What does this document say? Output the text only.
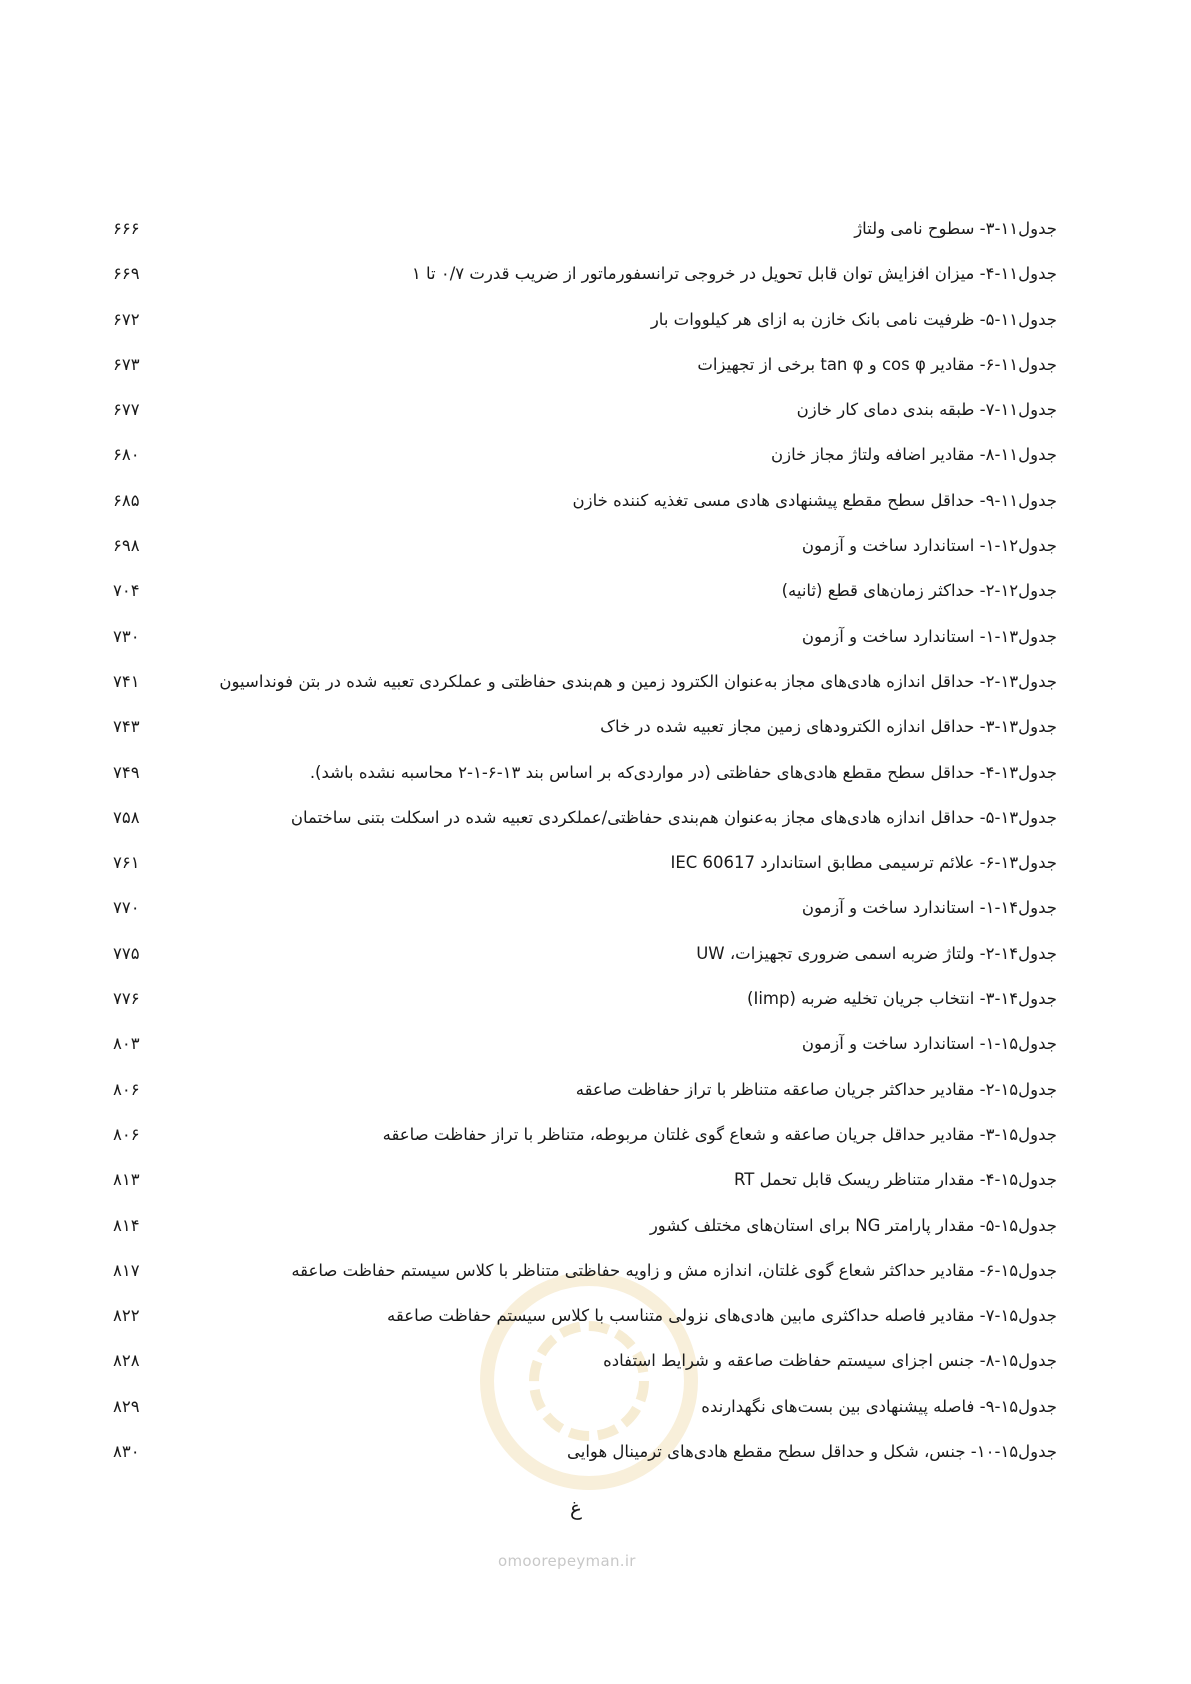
جدول۱۱-۳- سطوح نامی ولتاژ
۶۶۶
جدول۱۱-۴- میزان افزایش توان قابل تحویل در خروجی ترانسفورماتور از ضریب قدرت ۰/۷ تا ۱
۶۶۹
جدول۱۱-۵- ظرفیت نامی بانک خازن به ازای هر کیلووات بار
۶۷۲
جدول۱۱-۶- مقادیر cos φ و tan φ برخی از تجهیزات
۶۷۳
جدول۱۱-۷- طبقه بندی دمای کار خازن
۶۷۷
جدول۱۱-۸- مقادیر اضافه ولتاژ مجاز خازن
۶۸۰
جدول۱۱-۹- حداقل سطح مقطع پیشنهادی هادی مسی تغذیه کننده خازن
۶۸۵
جدول۱۲-۱- استاندارد ساخت و آزمون
۶۹۸
جدول۱۲-۲- حداکثر زمان‌های قطع (ثانیه)
۷۰۴
جدول۱۳-۱- استاندارد ساخت و آزمون
۷۳۰
جدول۱۳-۲- حداقل اندازه هادی‌های مجاز به‌عنوان الکترود زمین و هم‌بندی حفاظتی و عملکردی تعبیه شده در بتن فونداسیون
۷۴۱
جدول۱۳-۳- حداقل اندازه الکترودهای زمین مجاز تعبیه شده در خاک
۷۴۳
جدول۱۳-۴- حداقل سطح مقطع هادی‌های حفاظتی (در مواردی‌که بر اساس بند ۱۳-۶-۱-۲ محاسبه نشده باشد).
۷۴۹
جدول۱۳-۵- حداقل اندازه هادی‌های مجاز به‌عنوان هم‌بندی حفاظتی/عملکردی تعبیه شده در اسکلت بتنی ساختمان
۷۵۸
جدول۱۳-۶- علائم ترسیمی مطابق استاندارد IEC 60617
۷۶۱
جدول۱۴-۱- استاندارد ساخت و آزمون
۷۷۰
جدول۱۴-۲- ولتاژ ضربه اسمی ضروری تجهیزات، UW
۷۷۵
جدول۱۴-۳- انتخاب جریان تخلیه ضربه (Iimp)
۷۷۶
جدول۱۵-۱- استاندارد ساخت و آزمون
۸۰۳
جدول۱۵-۲- مقادیر حداکثر جریان صاعقه متناظر با تراز حفاظت صاعقه
۸۰۶
جدول۱۵-۳- مقادیر حداقل جریان صاعقه و شعاع گوی غلتان مربوطه، متناظر با تراز حفاظت صاعقه
۸۰۶
جدول۱۵-۴- مقدار متناظر ریسک قابل تحمل RT
۸۱۳
جدول۱۵-۵- مقدار پارامتر NG برای استان‌های مختلف کشور
۸۱۴
جدول۱۵-۶- مقادیر حداکثر شعاع گوی غلتان، اندازه مش و زاویه حفاظتی متناظر با کلاس سیستم حفاظت صاعقه
۸۱۷
جدول۱۵-۷- مقادیر فاصله حداکثری مابین هادی‌های نزولی متناسب با کلاس سیستم حفاظت صاعقه
۸۲۲
جدول۱۵-۸- جنس اجزای سیستم حفاظت صاعقه و شرایط استفاده
۸۲۸
جدول۱۵-۹- فاصله پیشنهادی بین بست‌های نگهدارنده
۸۲۹
جدول۱۵-۱۰- جنس، شکل و حداقل سطح مقطع هادی‌های ترمینال هوایی
۸۳۰
غ
omoorepeyman.ir
